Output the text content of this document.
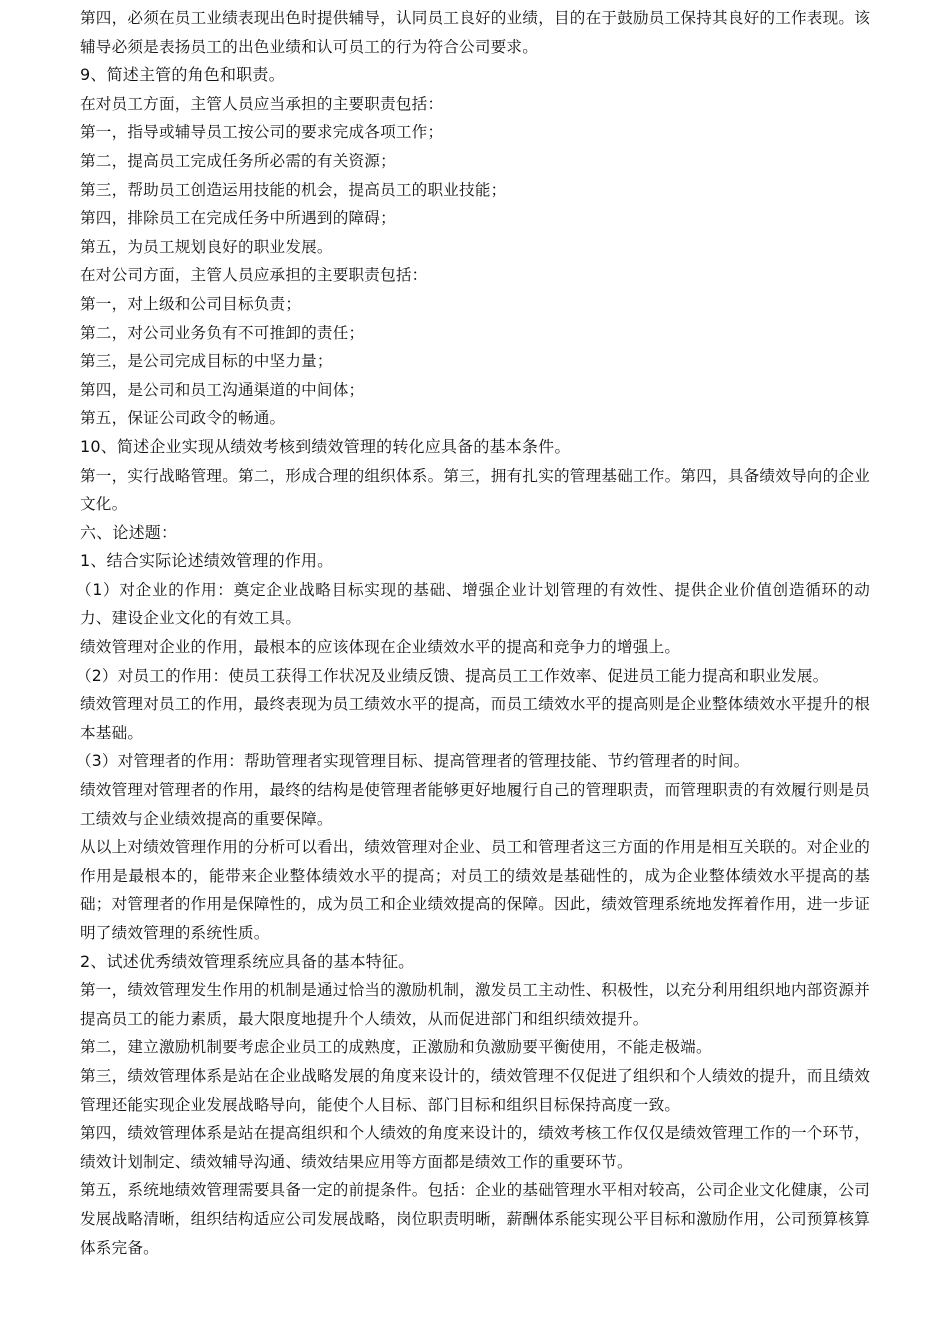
第四，必须在员工业绩表现出色时提供辅导，认同员工良好的业绩，目的在于鼓励员工保持其良好的工作表现。该辅导必须是表扬员工的出色业绩和认可员工的行为符合公司要求。

9、简述主管的角色和职责。

在对员工方面，主管人员应当承担的主要职责包括：

第一，指导或辅导员工按公司的要求完成各项工作；

第二，提高员工完成任务所必需的有关资源；

第三，帮助员工创造运用技能的机会，提高员工的职业技能；

第四，排除员工在完成任务中所遇到的障碍；

第五，为员工规划良好的职业发展。

在对公司方面，主管人员应承担的主要职责包括：

第一，对上级和公司目标负责；

第二，对公司业务负有不可推卸的责任；

第三，是公司完成目标的中坚力量；

第四，是公司和员工沟通渠道的中间体；

第五，保证公司政令的畅通。

10、简述企业实现从绩效考核到绩效管理的转化应具备的基本条件。

第一，实行战略管理。第二，形成合理的组织体系。第三，拥有扎实的管理基础工作。第四，具备绩效导向的企业文化。

六、论述题：

1、结合实际论述绩效管理的作用。

（1）对企业的作用：奠定企业战略目标实现的基础、增强企业计划管理的有效性、提供企业价值创造循环的动力、建设企业文化的有效工具。

绩效管理对企业的作用，最根本的应该体现在企业绩效水平的提高和竞争力的增强上。

（2）对员工的作用：使员工获得工作状况及业绩反馈、提高员工工作效率、促进员工能力提高和职业发展。

绩效管理对员工的作用，最终表现为员工绩效水平的提高，而员工绩效水平的提高则是企业整体绩效水平提升的根本基础。

（3）对管理者的作用：帮助管理者实现管理目标、提高管理者的管理技能、节约管理者的时间。

绩效管理对管理者的作用，最终的结构是使管理者能够更好地履行自己的管理职责，而管理职责的有效履行则是员工绩效与企业绩效提高的重要保障。

从以上对绩效管理作用的分析可以看出，绩效管理对企业、员工和管理者这三方面的作用是相互关联的。对企业的作用是最根本的，能带来企业整体绩效水平的提高；对员工的绩效是基础性的，成为企业整体绩效水平提高的基础；对管理者的作用是保障性的，成为员工和企业绩效提高的保障。因此，绩效管理系统地发挥着作用，进一步证明了绩效管理的系统性质。

2、试述优秀绩效管理系统应具备的基本特征。

第一，绩效管理发生作用的机制是通过恰当的激励机制，激发员工主动性、积极性，以充分利用组织地内部资源并提高员工的能力素质，最大限度地提升个人绩效，从而促进部门和组织绩效提升。

第二，建立激励机制要考虑企业员工的成熟度，正激励和负激励要平衡使用，不能走极端。

第三，绩效管理体系是站在企业战略发展的角度来设计的，绩效管理不仅促进了组织和个人绩效的提升，而且绩效管理还能实现企业发展战略导向，能使个人目标、部门目标和组织目标保持高度一致。

第四，绩效管理体系是站在提高组织和个人绩效的角度来设计的，绩效考核工作仅仅是绩效管理工作的一个环节，绩效计划制定、绩效辅导沟通、绩效结果应用等方面都是绩效工作的重要环节。

第五，系统地绩效管理需要具备一定的前提条件。包括：企业的基础管理水平相对较高，公司企业文化健康，公司发展战略清晰，组织结构适应公司发展战略，岗位职责明晰，薪酬体系能实现公平目标和激励作用，公司预算核算体系完备。
